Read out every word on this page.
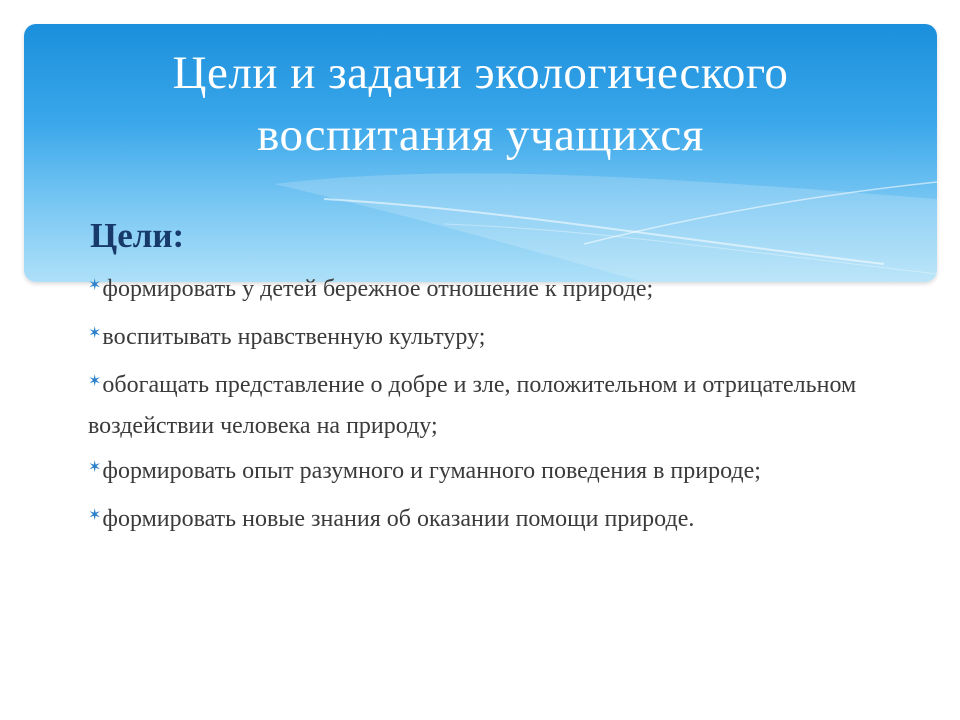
Цели и задачи экологического
воспитания учащихся
Цели:
✶формировать у детей бережное отношение к природе;
✶воспитывать нравственную культуру;
✶обогащать представление о добре и зле, положительном и отрицательном воздействии человека на природу;
✶формировать опыт разумного и гуманного поведения в природе;
✶формировать новые знания об оказании помощи природе.
